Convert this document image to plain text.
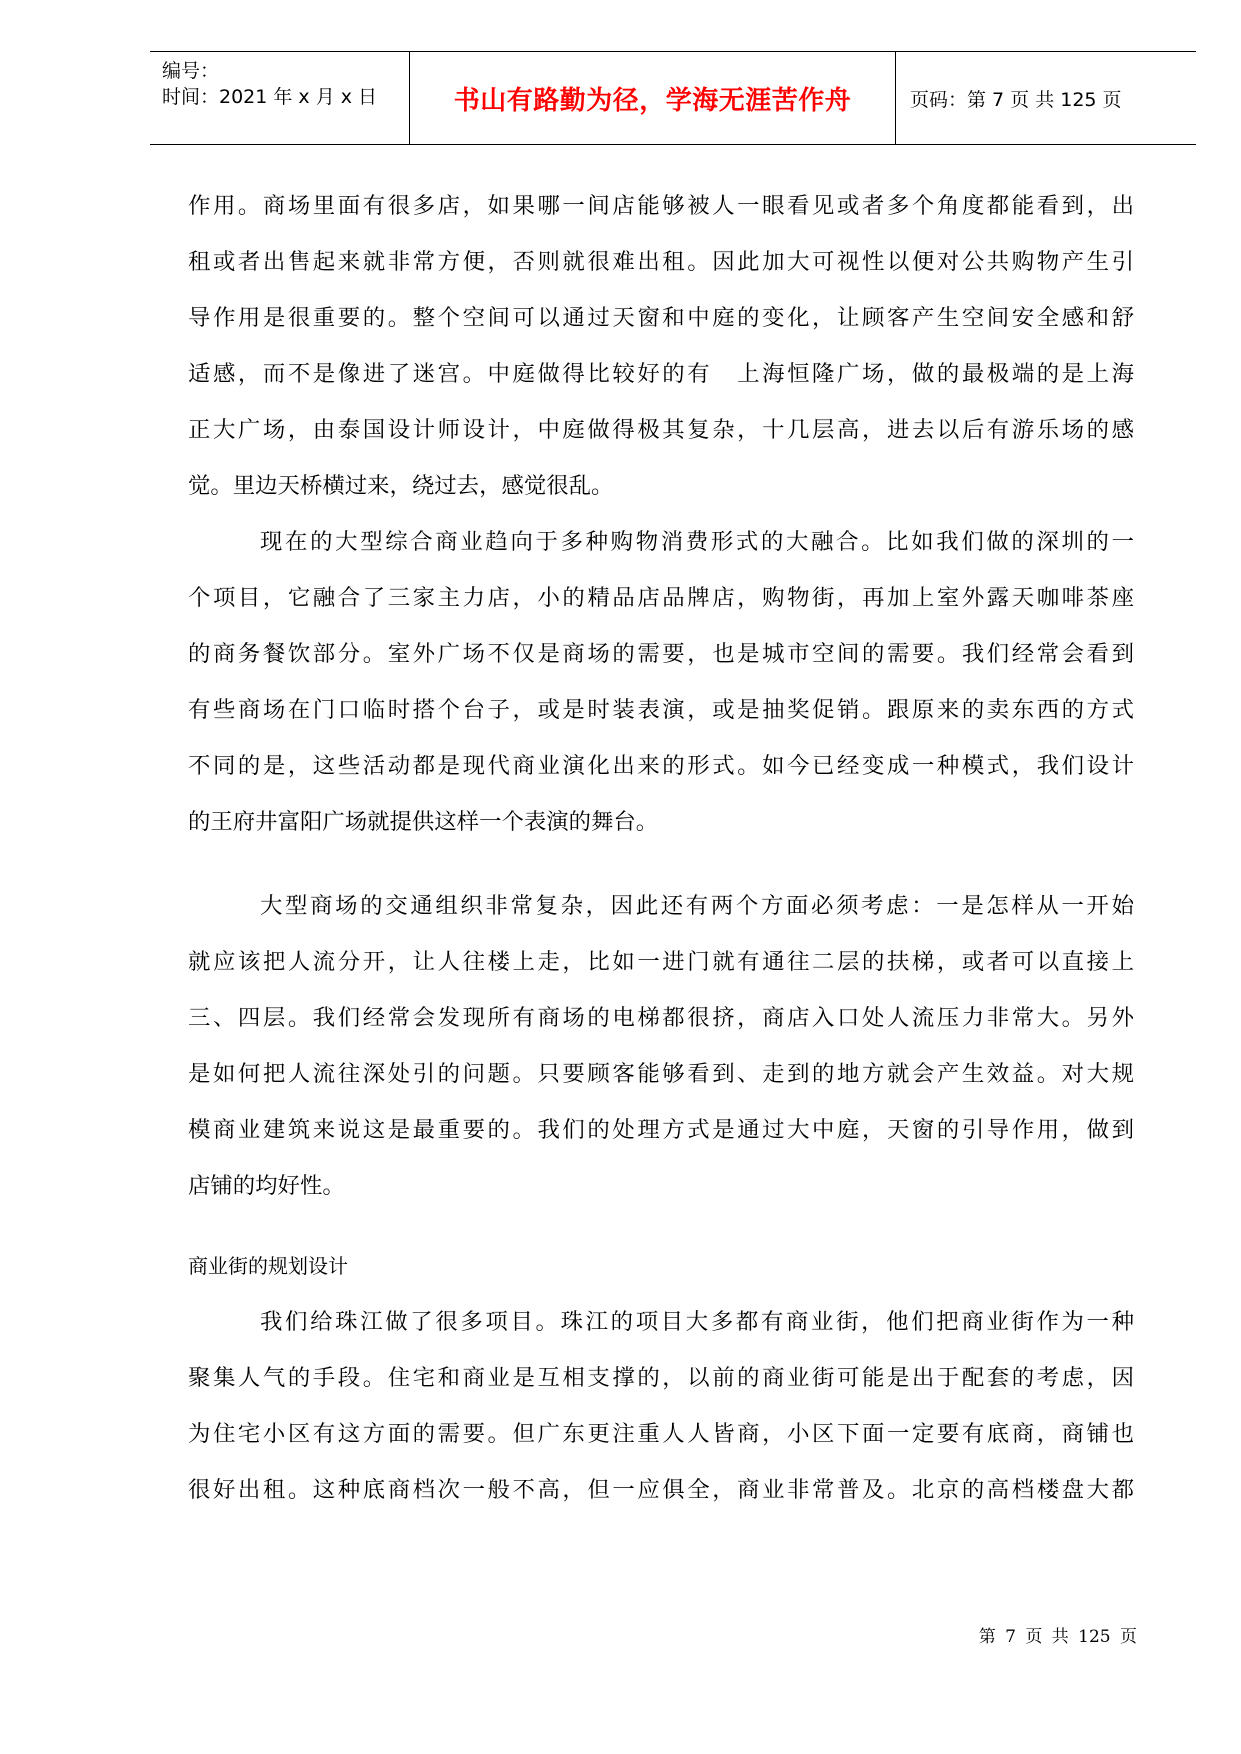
编号：
时间：2021 年 x 月 x 日	书山有路勤为径，学海无涯苦作舟	页码：第 7 页 共 125 页
作用。商场里面有很多店，如果哪一间店能够被人一眼看见或者多个角度都能看到，出
租或者出售起来就非常方便，否则就很难出租。因此加大可视性以便对公共购物产生引
导作用是很重要的。整个空间可以通过天窗和中庭的变化，让顾客产生空间安全感和舒
适感，而不是像进了迷宫。中庭做得比较好的有　上海恒隆广场，做的最极端的是上海
正大广场，由泰国设计师设计，中庭做得极其复杂，十几层高，进去以后有游乐场的感
觉。里边天桥横过来，绕过去，感觉很乱。
现在的大型综合商业趋向于多种购物消费形式的大融合。比如我们做的深圳的一
个项目，它融合了三家主力店，小的精品店品牌店，购物街，再加上室外露天咖啡茶座
的商务餐饮部分。室外广场不仅是商场的需要，也是城市空间的需要。我们经常会看到
有些商场在门口临时搭个台子，或是时装表演，或是抽奖促销。跟原来的卖东西的方式
不同的是，这些活动都是现代商业演化出来的形式。如今已经变成一种模式，我们设计
的王府井富阳广场就提供这样一个表演的舞台。
大型商场的交通组织非常复杂，因此还有两个方面必须考虑：一是怎样从一开始
就应该把人流分开，让人往楼上走，比如一进门就有通往二层的扶梯，或者可以直接上
三、四层。我们经常会发现所有商场的电梯都很挤，商店入口处人流压力非常大。另外
是如何把人流往深处引的问题。只要顾客能够看到、走到的地方就会产生效益。对大规
模商业建筑来说这是最重要的。我们的处理方式是通过大中庭，天窗的引导作用，做到
店铺的均好性。
商业街的规划设计
我们给珠江做了很多项目。珠江的项目大多都有商业街，他们把商业街作为一种
聚集人气的手段。住宅和商业是互相支撑的，以前的商业街可能是出于配套的考虑，因
为住宅小区有这方面的需要。但广东更注重人人皆商，小区下面一定要有底商，商铺也
很好出租。这种底商档次一般不高，但一应俱全，商业非常普及。北京的高档楼盘大都
第 7 页 共 125 页
